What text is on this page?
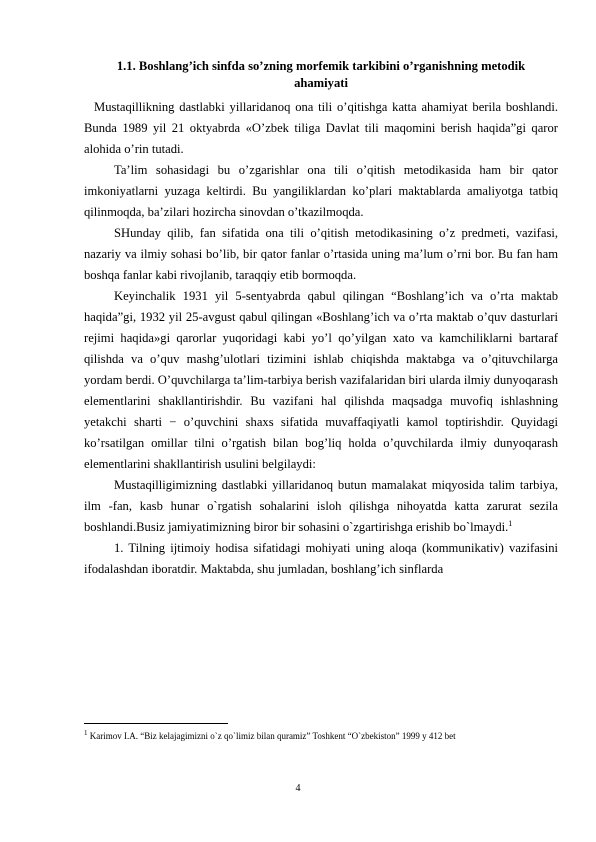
1.1. Boshlang’ich sinfda so’zning morfemik tarkibini o’rganishning metodik
ahamiyati

Mustaqillikning dastlabki yillaridanoq ona tili o’qitishga katta ahamiyat berila boshlandi. Bunda 1989 yil 21 oktyabrda «O’zbek tiliga Davlat tili maqomini berish haqida”gi qaror alohida o’rin tutadi.

Ta’lim sohasidagi bu o’zgarishlar ona tili o’qitish metodikasida ham bir qator imkoniyatlarni yuzaga keltirdi. Bu yangiliklardan ko’plari maktablarda amaliyotga tatbiq qilinmoqda, ba’zilari hozircha sinovdan o’tkazilmoqda.

SHunday qilib, fan sifatida ona tili o’qitish metodikasining o’z predmeti, vazifasi, nazariy va ilmiy sohasi bo’lib, bir qator fanlar o’rtasida uning ma’lum o’rni bor. Bu fan ham boshqa fanlar kabi rivojlanib, taraqqiy etib bormoqda.

Keyinchalik 1931 yil 5-sentyabrda qabul qilingan “Boshlang’ich va o’rta maktab haqida”gi, 1932 yil 25-avgust qabul qilingan «Boshlang’ich va o’rta maktab o’quv dasturlari rejimi haqida»gi qarorlar yuqoridagi kabi yo’l qo’yilgan xato va kamchiliklarni bartaraf qilishda va o’quv mashg’ulotlari tizimini ishlab chiqishda maktabga va o’qituvchilarga yordam berdi. O’quvchilarga ta’lim-tarbiya berish vazifalaridan biri ularda ilmiy dunyoqarash elementlarini shakllantirishdir. Bu vazifani hal qilishda maqsadga muvofiq ishlashning yetakchi sharti − o’quvchini shaxs sifatida muvaffaqiyatli kamol toptirishdir. Quyidagi ko’rsatilgan omillar tilni o’rgatish bilan bog’liq holda o’quvchilarda ilmiy dunyoqarash elementlarini shakllantirish usulini belgilaydi:

Mustaqilligimizning dastlabki yillaridanoq butun mamalakat miqyosida talim tarbiya, ilm -fan, kasb hunar o`rgatish sohalarini isloh qilishga nihoyatda katta zarurat sezila boshlandi.Busiz jamiyatimizning biror bir sohasini o`zgartirishga erishib bo`lmaydi.$^1$

1. Tilning ijtimoiy hodisa sifatidagi mohiyati uning aloqa (kommunikativ) vazifasini ifodalashdan iboratdir. Maktabda, shu jumladan, boshlang’ich sinflarda

$^1$ Karimov I.A. “Biz kelajagimizni o`z qo`limiz bilan quramiz” Toshkent “O`zbekiston” 1999 y 412 bet
4
